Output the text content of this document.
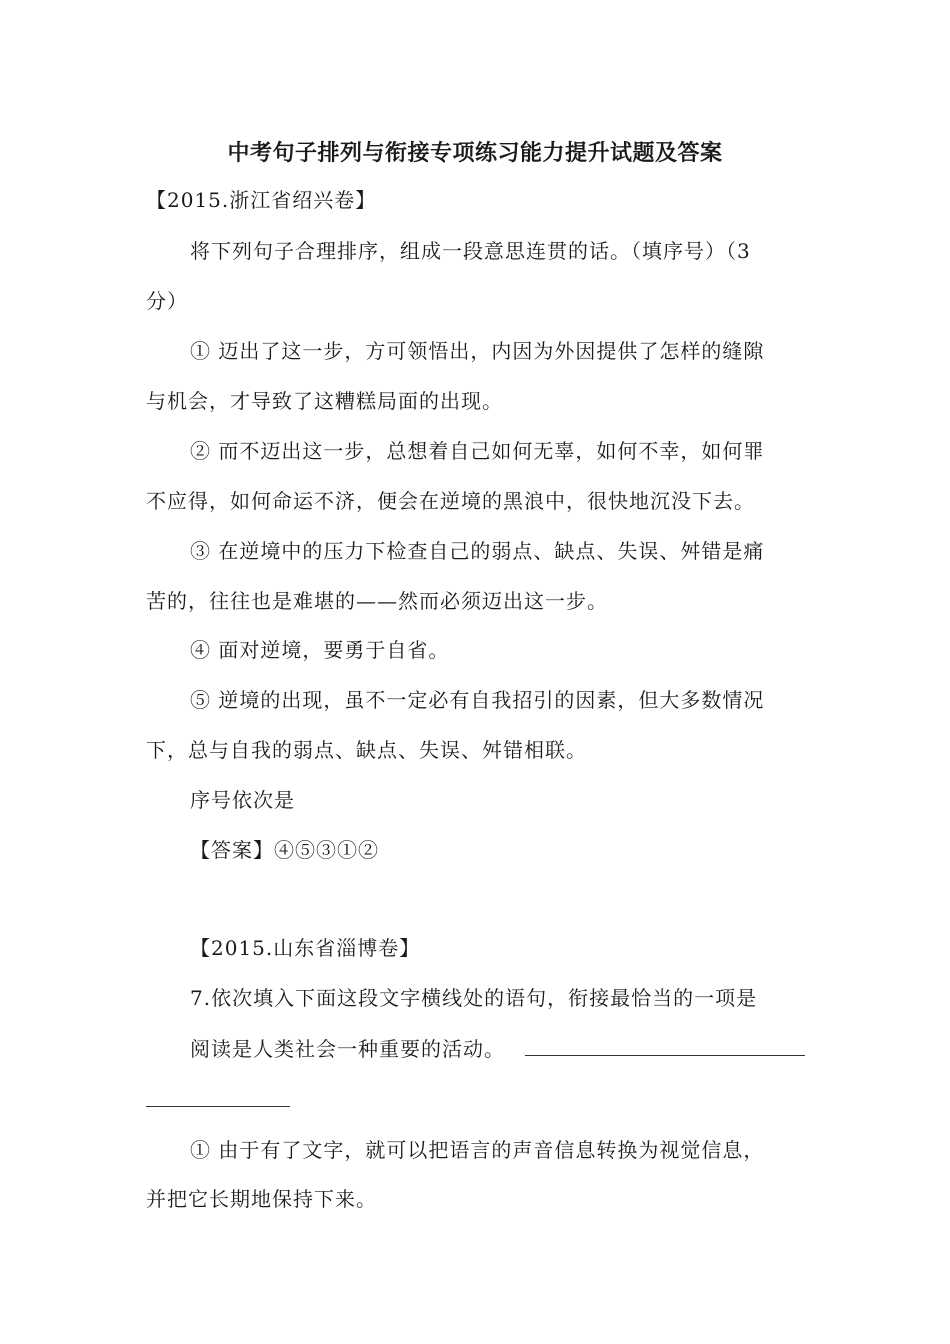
中考句子排列与衔接专项练习能力提升试题及答案
【2015.浙江省绍兴卷】
将下列句子合理排序，组成一段意思连贯的话。（填序号）（3
分）
① 迈出了这一步，方可领悟出，内因为外因提供了怎样的缝隙
与机会，才导致了这糟糕局面的出现。
② 而不迈出这一步，总想着自己如何无辜，如何不幸，如何罪
不应得，如何命运不济，便会在逆境的黑浪中，很快地沉没下去。
③ 在逆境中的压力下检查自己的弱点、缺点、失误、舛错是痛
苦的，往往也是难堪的——然而必须迈出这一步。
④ 面对逆境，要勇于自省。
⑤ 逆境的出现，虽不一定必有自我招引的因素，但大多数情况
下，总与自我的弱点、缺点、失误、舛错相联。
序号依次是
【答案】④⑤③①②
【2015.山东省淄博卷】
7.依次填入下面这段文字横线处的语句，衔接最恰当的一项是
阅读是人类社会一种重要的活动。
① 由于有了文字，就可以把语言的声音信息转换为视觉信息，
并把它长期地保持下来。
